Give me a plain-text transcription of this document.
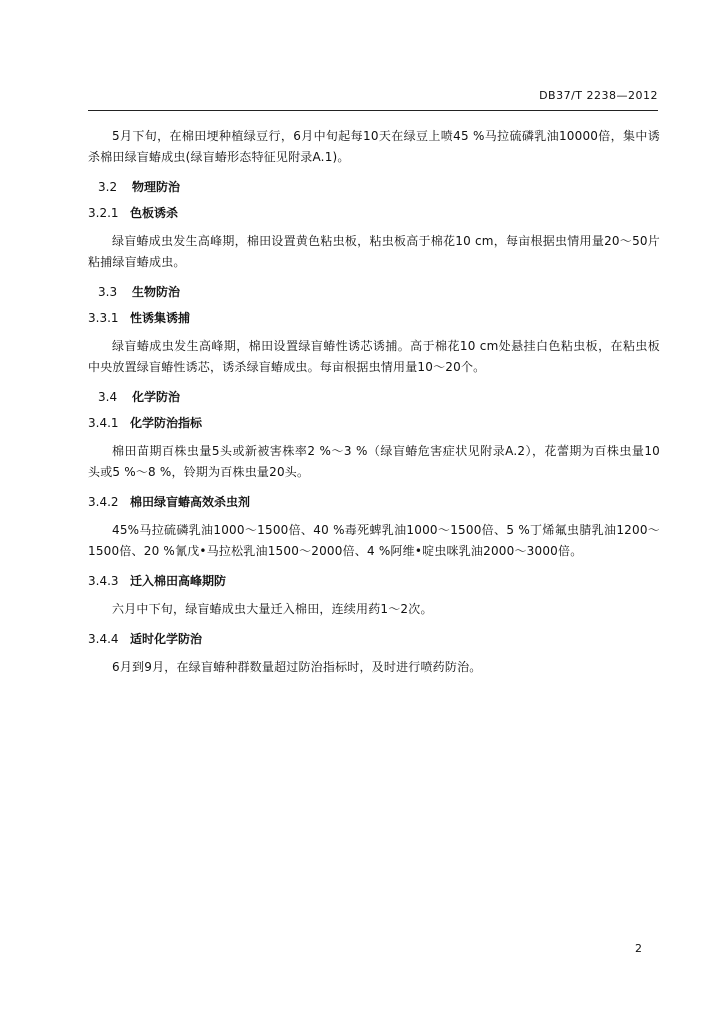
DB37/T 2238—2012

5月下旬，在棉田埂种植绿豆行，6月中旬起每10天在绿豆上喷45 %马拉硫磷乳油10000倍，集中诱杀棉田绿盲蝽成虫(绿盲蝽形态特征见附录A.1)。

3.2 物理防治
3.2.1 色板诱杀

绿盲蝽成虫发生高峰期，棉田设置黄色粘虫板，粘虫板高于棉花10 cm，每亩根据虫情用量20～50片粘捕绿盲蝽成虫。

3.3 生物防治
3.3.1 性诱集诱捕

绿盲蝽成虫发生高峰期，棉田设置绿盲蝽性诱芯诱捕。高于棉花10 cm处悬挂白色粘虫板，在粘虫板中央放置绿盲蝽性诱芯，诱杀绿盲蝽成虫。每亩根据虫情用量10～20个。

3.4 化学防治
3.4.1 化学防治指标

棉田苗期百株虫量5头或新被害株率2 %～3 %（绿盲蝽危害症状见附录A.2），花蕾期为百株虫量10头或5 %～8 %，铃期为百株虫量20头。

3.4.2 棉田绿盲蝽高效杀虫剂

45%马拉硫磷乳油1000～1500倍、40 %毒死蜱乳油1000～1500倍、5 %丁烯氟虫腈乳油1200～1500倍、20 %氰戊•马拉松乳油1500～2000倍、4 %阿维•啶虫咪乳油2000～3000倍。

3.4.3 迁入棉田高峰期防

六月中下旬，绿盲蝽成虫大量迁入棉田，连续用药1～2次。

3.4.4 适时化学防治

6月到9月，在绿盲蝽种群数量超过防治指标时，及时进行喷药防治。

2
